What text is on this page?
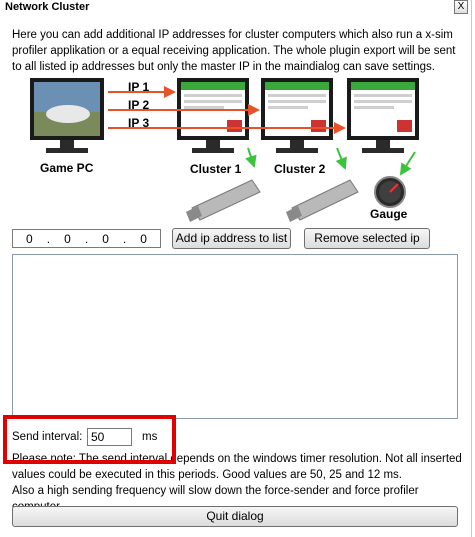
Network Cluster	X

Here you can add additional IP addresses for cluster computers which also run a x-sim profiler applikation or a equal receiving application. The whole plugin export will be sent to all listed ip addresses but only the master IP in the maindialog can save settings.

IP 1
IP 2
IP 3
Game PC	Cluster 1	Cluster 2
Gauge
0 . 0 . 0 . 0	Add ip address to list	Remove selected ip
Send interval: 50	ms

Please note: The send interval depends on the windows timer resolution. Not all inserted values could be executed in this periods. Good values are 50, 25 and 12 ms.

Also a high sending frequency will slow down the force-sender and force profiler

Quit dialog
